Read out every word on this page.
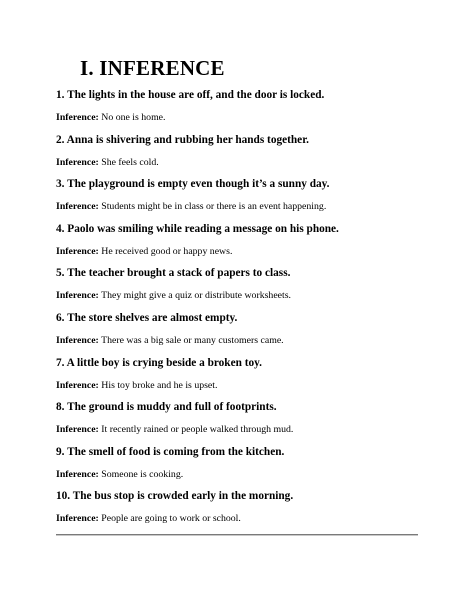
I. INFERENCE
1. The lights in the house are off, and the door is locked.
Inference: No one is home.
2. Anna is shivering and rubbing her hands together.
Inference: She feels cold.
3. The playground is empty even though it’s a sunny day.
Inference: Students might be in class or there is an event happening.
4. Paolo was smiling while reading a message on his phone.
Inference: He received good or happy news.
5. The teacher brought a stack of papers to class.
Inference: They might give a quiz or distribute worksheets.
6. The store shelves are almost empty.
Inference: There was a big sale or many customers came.
7. A little boy is crying beside a broken toy.
Inference: His toy broke and he is upset.
8. The ground is muddy and full of footprints.
Inference: It recently rained or people walked through mud.
9. The smell of food is coming from the kitchen.
Inference: Someone is cooking.
10. The bus stop is crowded early in the morning.
Inference: People are going to work or school.
